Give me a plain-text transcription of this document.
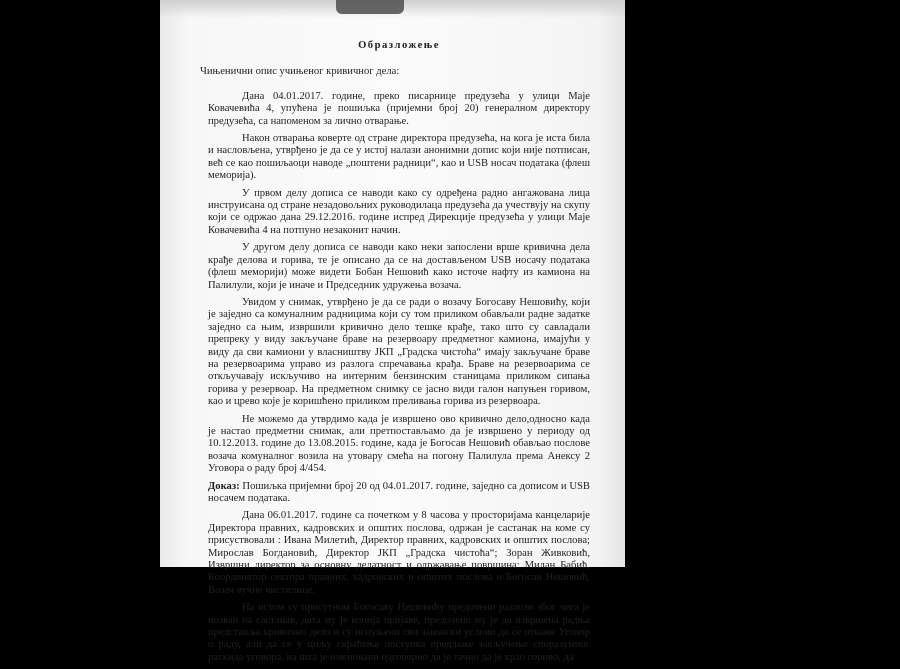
Образложење
Чињенични опис учињеног кривичног дела:

Дана 04.01.2017. године, преко писарнице предузећа у улици Маје Ковачевића 4, упућена је пошиљка (пријемни број 20) генералном директору предузећа, са напоменом за лично отварање.

Након отварања коверте од стране директора предузећа, на кога је иста била и насловљена, утврђено је да се у истој налази анонимни допис који није потписан, већ се као пошиљаоци наводе „поштени радници“, као и USB носач података (флеш меморија).

У првом делу дописа се наводи како су одређена радно ангажована лица инструисана од стране незадовољних руководилаца предузећа да учествују на скупу који се одржао дана 29.12.2016. године испред Дирекције предузећа у улици Маје Ковачевића 4 на потпуно незаконит начин.

У другом делу дописа се наводи како неки запослени врше кривична дела крађе делова и горива, те је описано да се на достављеном USB носачу података (флеш меморији) може видети Бобан Нешовић како источе нафту из камиона на Палилули, који је иначе и Председник удружења возача.

Увидом у снимак, утврђено је да се ради о возачу Богосаву Нешовићу, који је заједно са комуналним радницима који су том приликом обављали радне задатке заједно са њим, извршили кривично дело тешке крађе, тако што су савладали препреку у виду закључане браве на резервоару предметног камиона, имајући у виду да сви камиони у власништву ЈКП „Градска чистоћа“ имају закључане браве на резервоарима управо из разлога спречавања крађа. Браве на резервоарима се откључавају искључиво на интерним бензинским станицама приликом сипања горива у резервоар. На предметном снимку се јасно види галон напуњен горивом, као и црево које је коришћено приликом преливања горива из резервоара.

Не можемо да утврдимо када је извршено ово кривично дело,односно када је настао предметни снимак, али претпостављамо да је извршено у периоду од 10.12.2013. године до 13.08.2015. године, када је Богосав Нешовић обављао послове возача комуналног возила на утовару смећа на погону Палилула према Анексу 2 Уговора о раду број 4/454.

Доказ: Пошиљка пријемни број 20 од 04.01.2017. године, заједно са дописом и USB носачем података.

Дана 06.01.2017. године са почетком у 8 часова у просторијама канцеларије Директора правних, кадровских и општих послова, одржан је састанак на коме су присуствовали : Ивана Милетић, Директор правних, кадровских и општих послова; Мирослав Богдановић, Директор ЈКП „Градска чистоћа“; Зоран Живковић, Извршни директор за основну делатност и одржавање површина; Милан Бабић, Координатор сектора правних, кадровских и општих послова и Богосав Нешовић, Возач вучне чистилице.

На истом су присутном Богосаву Нешовићу предочени разлози због чега је позван на састанак, дата му је копија пријаве, предочено му је да извршена радња представља кривично дело и су испуњени сви законски услови да се откаже Уговор о раду, али да се у циљу скраћења поступка предлаже закључење споразумног раскида уговора, на шта је именовани одговорио да је тачно да је крао гориво, да
